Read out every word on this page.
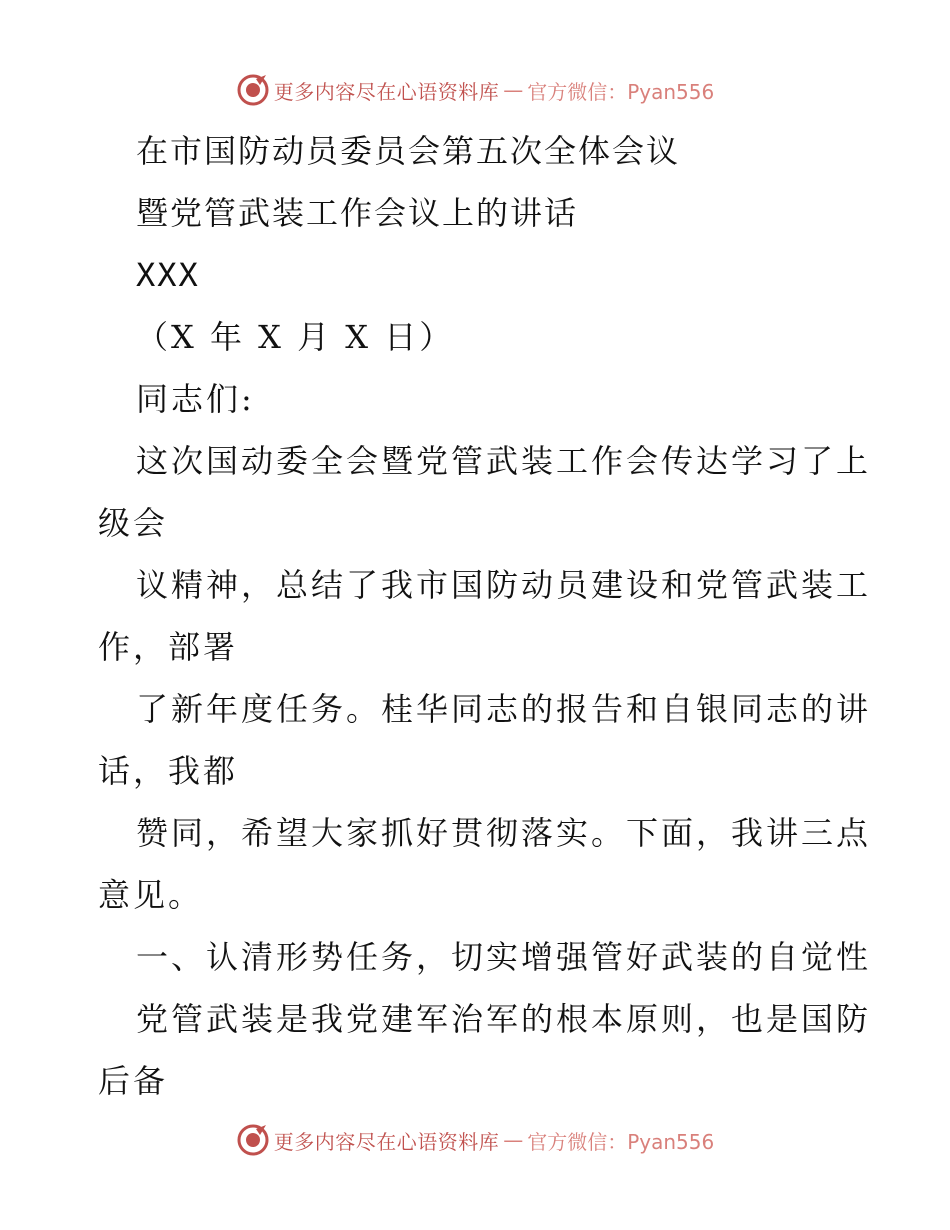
更多内容尽在心语资料库 — 官方微信：Pyan556
在市国防动员委员会第五次全体会议
暨党管武装工作会议上的讲话
XXX
（X 年 X 月 X 日）
同志们:
这次国动委全会暨党管武装工作会传达学习了上
级会
议精神，总结了我市国防动员建设和党管武装工
作，部署
了新年度任务。桂华同志的报告和自银同志的讲
话，我都
赞同，希望大家抓好贯彻落实。下面，我讲三点
意见。
一、认清形势任务，切实增强管好武装的自觉性
党管武装是我党建军治军的根本原则，也是国防
后备
更多内容尽在心语资料库 — 官方微信：Pyan556
